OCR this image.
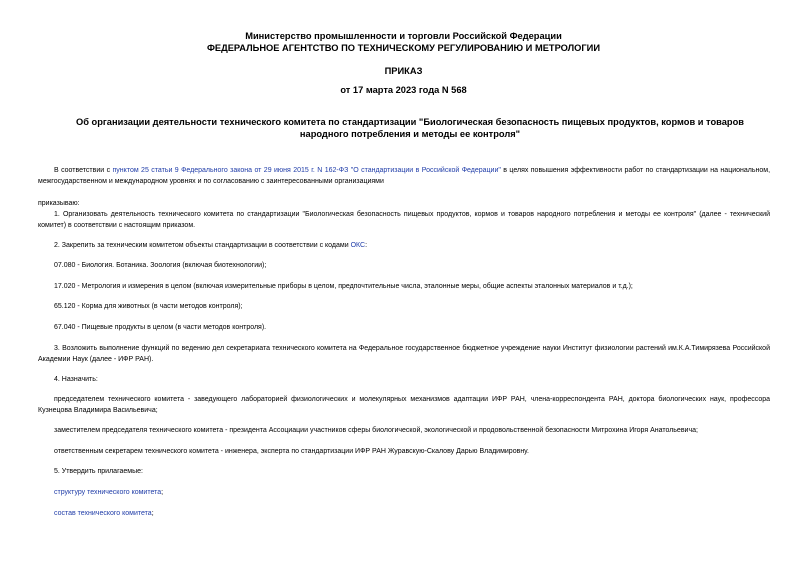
Министерство промышленности и торговли Российской Федерации
ФЕДЕРАЛЬНОЕ АГЕНТСТВО ПО ТЕХНИЧЕСКОМУ РЕГУЛИРОВАНИЮ И МЕТРОЛОГИИ
ПРИКАЗ
от 17 марта 2023 года N 568
Об организации деятельности технического комитета по стандартизации "Биологическая безопасность пищевых продуктов, кормов и товаров народного потребления и методы ее контроля"
В соответствии с пунктом 25 статьи 9 Федерального закона от 29 июня 2015 г. N 162-ФЗ "О стандартизации в Российской Федерации" в целях повышения эффективности работ по стандартизации на национальном, межгосударственном и международном уровнях и по согласованию с заинтересованными организациями
приказываю:
1. Организовать деятельность технического комитета по стандартизации "Биологическая безопасность пищевых продуктов, кормов и товаров народного потребления и методы ее контроля" (далее - технический комитет) в соответствии с настоящим приказом.
2. Закрепить за техническим комитетом объекты стандартизации в соответствии с кодами ОКС:
07.080 - Биология. Ботаника. Зоология (включая биотехнологии);
17.020 - Метрология и измерения в целом (включая измерительные приборы в целом, предпочтительные числа, эталонные меры, общие аспекты эталонных материалов и т.д.);
65.120 - Корма для животных (в части методов контроля);
67.040 - Пищевые продукты в целом (в части методов контроля).
3. Возложить выполнение функций по ведению дел секретариата технического комитета на Федеральное государственное бюджетное учреждение науки Институт физиологии растений им.К.А.Тимирязева Российской Академии Наук (далее - ИФР РАН).
4. Назначить:
председателем технического комитета - заведующего лабораторией физиологических и молекулярных механизмов адаптации ИФР РАН, члена-корреспондента РАН, доктора биологических наук, профессора Кузнецова Владимира Васильевича;
заместителем председателя технического комитета - президента Ассоциации участников сферы биологической, экологической и продовольственной безопасности Митрохина Игоря Анатольевича;
ответственным секретарем технического комитета - инженера, эксперта по стандартизации ИФР РАН Журавскую-Скалову Дарью Владимировну.
5. Утвердить прилагаемые:
структуру технического комитета;
состав технического комитета;
